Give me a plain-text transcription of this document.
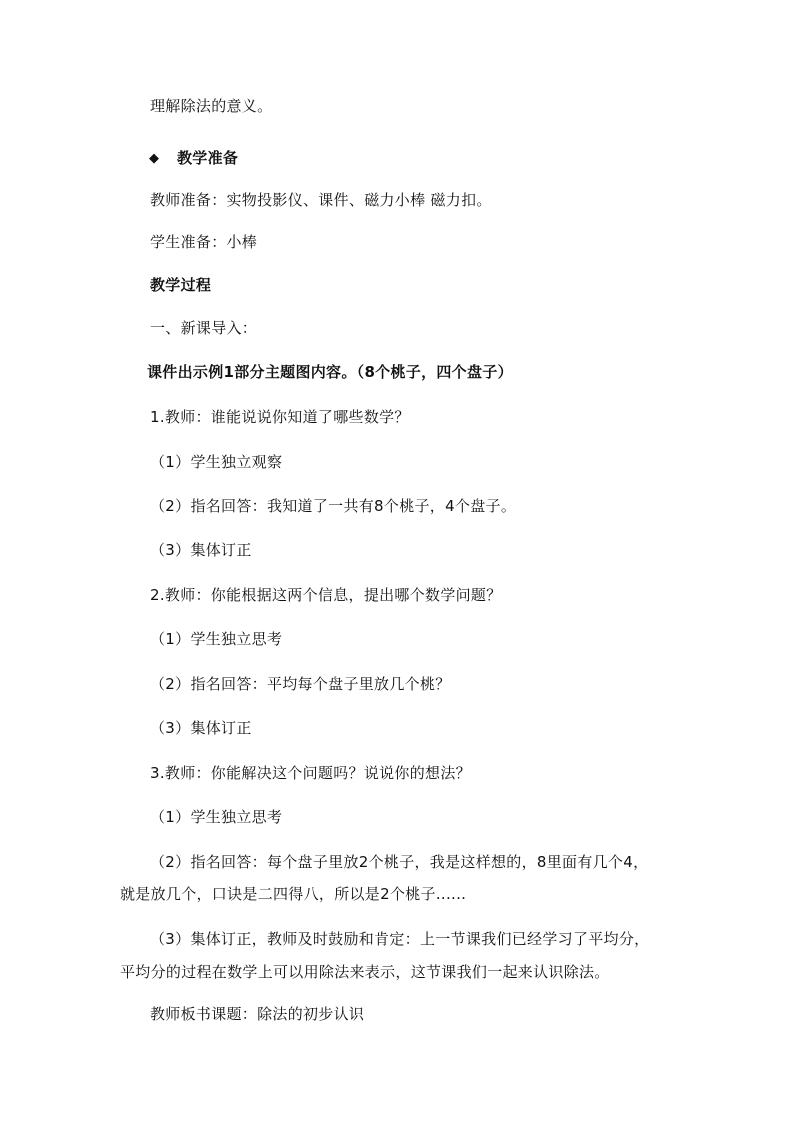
理解除法的意义。
◆ 教学准备
教师准备：实物投影仪、课件、磁力小棒 磁力扣。
学生准备：小棒
教学过程
一、新课导入：
课件出示例1部分主题图内容。（8个桃子，四个盘子）
1.教师：谁能说说你知道了哪些数学？
（1）学生独立观察
（2）指名回答：我知道了一共有8个桃子，4个盘子。
（3）集体订正
2.教师：你能根据这两个信息，提出哪个数学问题？
（1）学生独立思考
（2）指名回答：平均每个盘子里放几个桃？
（3）集体订正
3.教师：你能解决这个问题吗？说说你的想法？
（1）学生独立思考
（2）指名回答：每个盘子里放2个桃子，我是这样想的，8里面有几个4，
就是放几个，口诀是二四得八，所以是2个桃子......
（3）集体订正，教师及时鼓励和肯定：上一节课我们已经学习了平均分，
平均分的过程在数学上可以用除法来表示，这节课我们一起来认识除法。
教师板书课题：除法的初步认识
